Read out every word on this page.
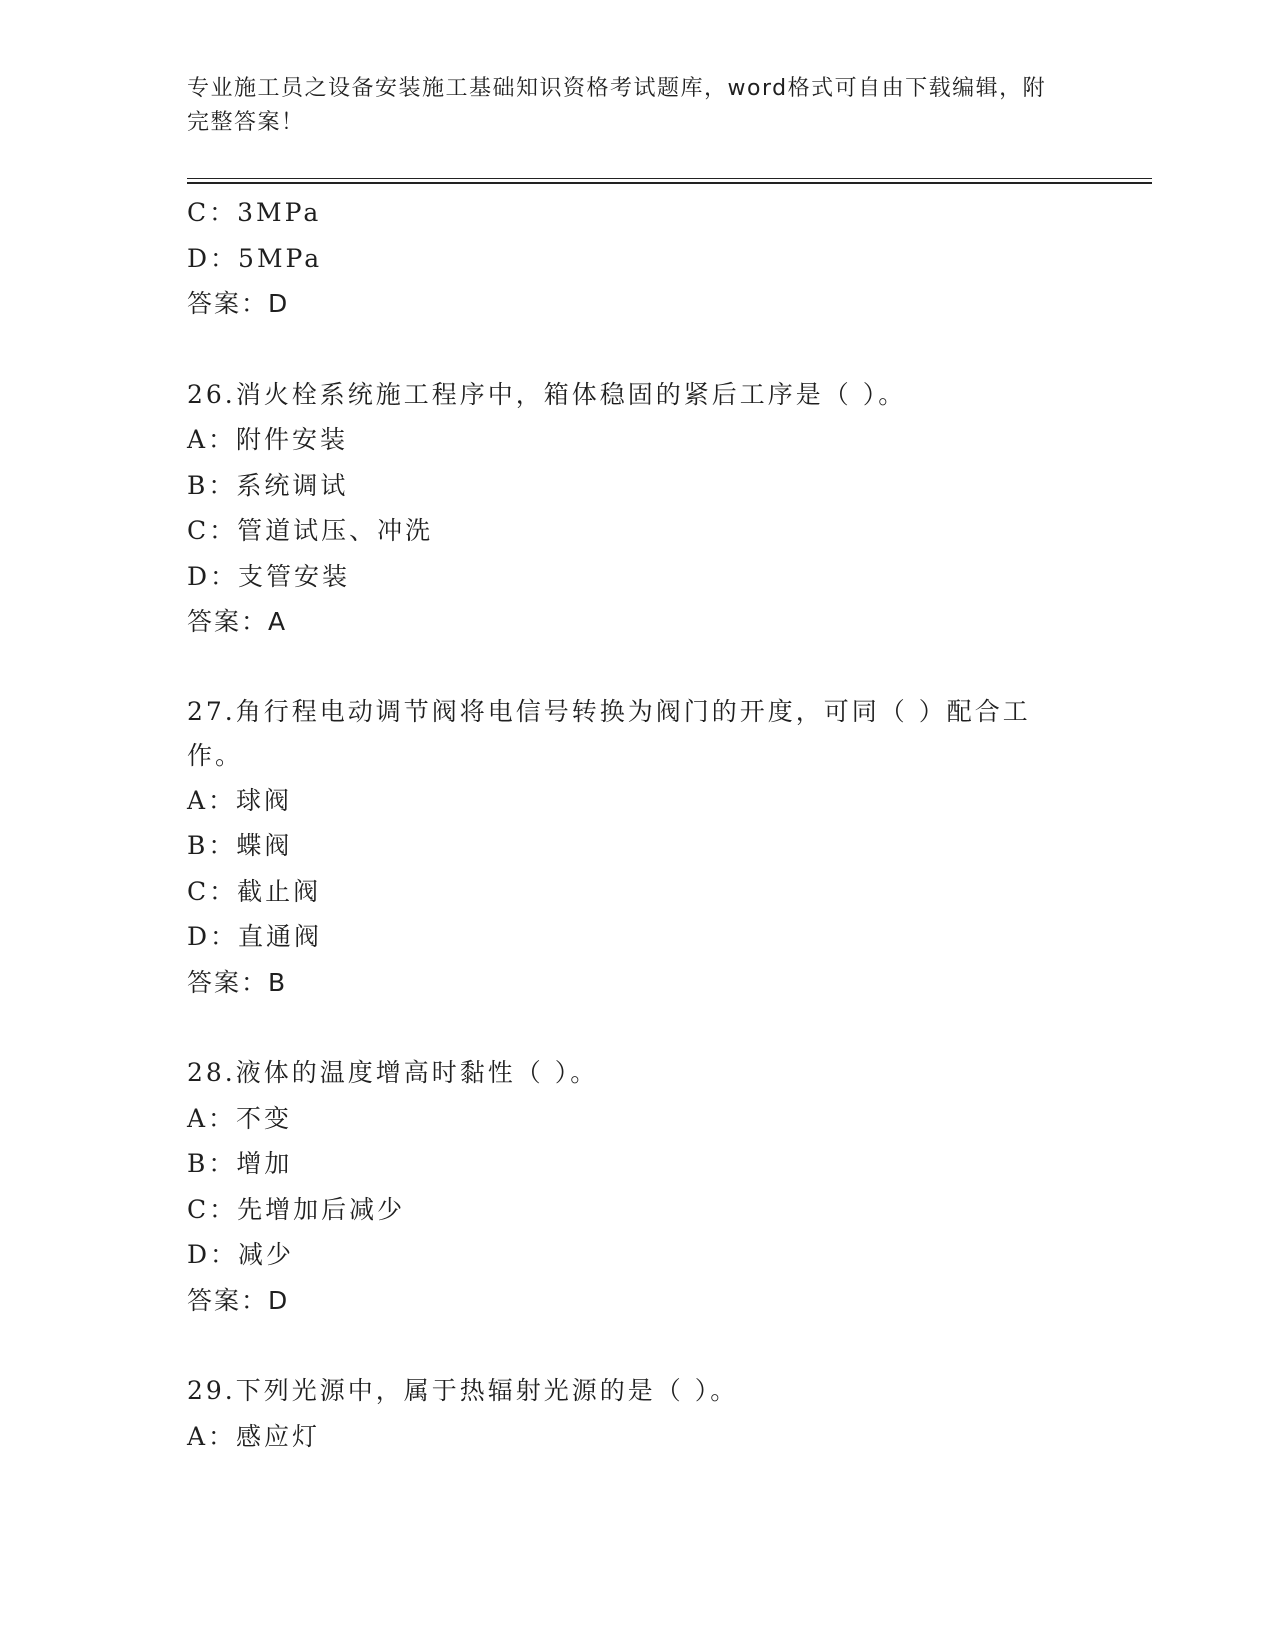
专业施工员之设备安装施工基础知识资格考试题库，word格式可自由下载编辑，附完整答案！
C：3MPa
D：5MPa
答案：D
26.消火栓系统施工程序中，箱体稳固的紧后工序是（ ）。
A：附件安装
B：系统调试
C：管道试压、冲洗
D：支管安装
答案：A
27.角行程电动调节阀将电信号转换为阀门的开度，可同（ ）配合工作。
A：球阀
B：蝶阀
C：截止阀
D：直通阀
答案：B
28.液体的温度增高时黏性（ ）。
A：不变
B：增加
C：先增加后减少
D：减少
答案：D
29.下列光源中，属于热辐射光源的是（ ）。
A：感应灯
